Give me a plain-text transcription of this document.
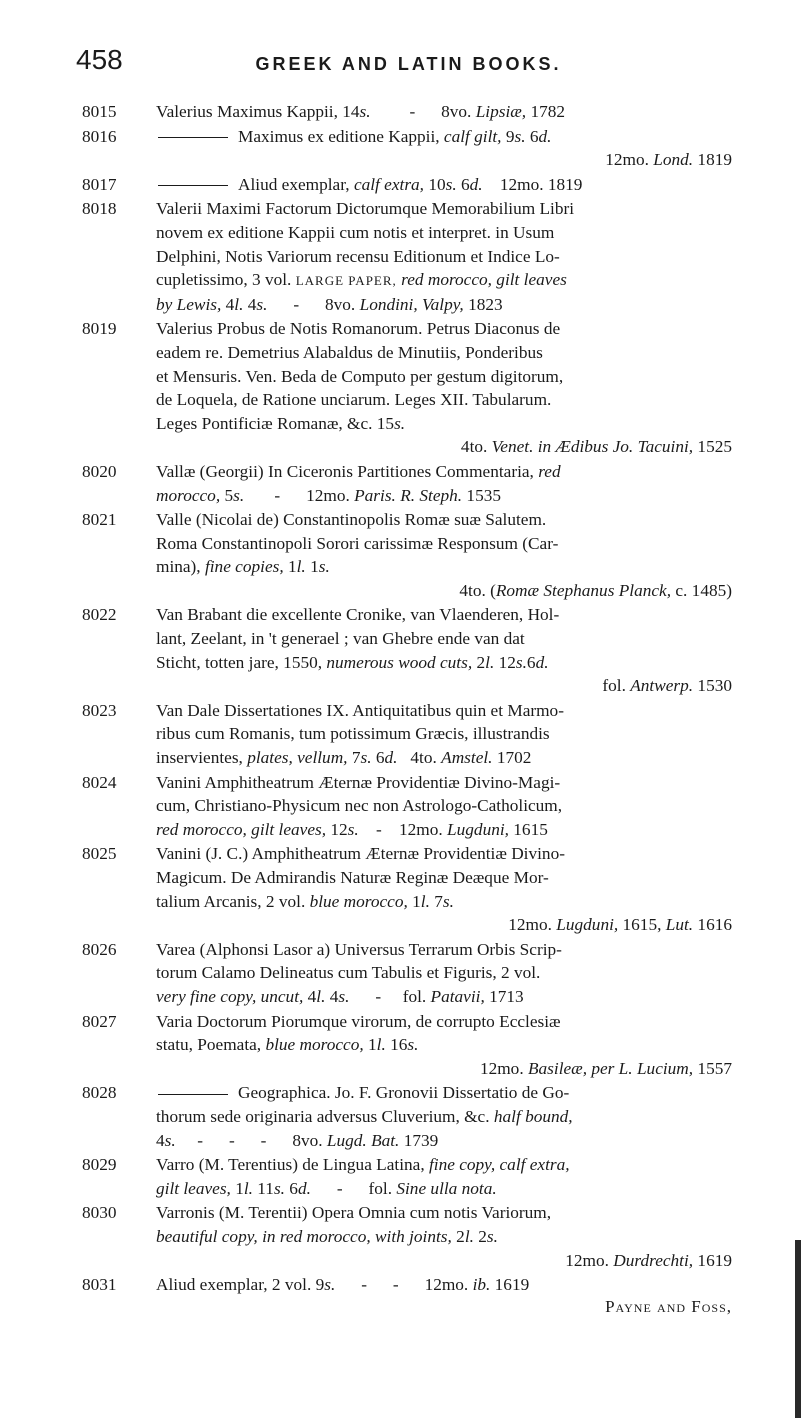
458	GREEK AND LATIN BOOKS.
8015	Valerius Maximus Kappii, 14s.         -      8vo. Lipsiæ, 1782
8016	Maximus ex editione Kappii, calf gilt, 9s. 6d.
12mo. Lond. 1819
8017	Aliud exemplar, calf extra, 10s. 6d.    12mo. 1819
8018	Valerii Maximi Factorum Dictorumque Memorabilium Libri
novem ex editione Kappii cum notis et interpret. in Usum
Delphini, Notis Variorum recensu Editionum et Indice Lo-
cupletissimo, 3 vol. LARGE PAPER, red morocco, gilt leaves
by Lewis, 4l. 4s.      -      8vo. Londini, Valpy, 1823
8019	Valerius Probus de Notis Romanorum. Petrus Diaconus de
eadem re. Demetrius Alabaldus de Minutiis, Ponderibus
et Mensuris. Ven. Beda de Computo per gestum digitorum,
de Loquela, de Ratione unciarum. Leges XII. Tabularum.
Leges Pontificiæ Romanæ, &c. 15s.
4to. Venet. in Ædibus Jo. Tacuini, 1525
8020	Vallæ (Georgii) In Ciceronis Partitiones Commentaria, red
morocco, 5s.       -      12mo. Paris. R. Steph. 1535
8021	Valle (Nicolai de) Constantinopolis Romæ suæ Salutem.
Roma Constantinopoli Sorori carissimæ Responsum (Car-
mina), fine copies, 1l. 1s.
4to. (Romæ Stephanus Planck, c. 1485)
8022	Van Brabant die excellente Cronike, van Vlaenderen, Hol-
lant, Zeelant, in 't generael ; van Ghebre ende van dat
Sticht, totten jare, 1550, numerous wood cuts, 2l. 12s.6d.
fol. Antwerp. 1530
8023	Van Dale Dissertationes IX. Antiquitatibus quin et Marmo-
ribus cum Romanis, tum potissimum Græcis, illustrandis
inservientes, plates, vellum, 7s. 6d.   4to. Amstel. 1702
8024	Vanini Amphitheatrum Æternæ Providentiæ Divino-Magi-
cum, Christiano-Physicum nec non Astrologo-Catholicum,
red morocco, gilt leaves, 12s.    -    12mo. Lugduni, 1615
8025	Vanini (J. C.) Amphitheatrum Æternæ Providentiæ Divino-
Magicum. De Admirandis Naturæ Reginæ Deæque Mor-
talium Arcanis, 2 vol. blue morocco, 1l. 7s.
12mo. Lugduni, 1615, Lut. 1616
8026	Varea (Alphonsi Lasor a) Universus Terrarum Orbis Scrip-
torum Calamo Delineatus cum Tabulis et Figuris, 2 vol.
very fine copy, uncut, 4l. 4s.      -     fol. Patavii, 1713
8027	Varia Doctorum Piorumque virorum, de corrupto Ecclesiæ
statu, Poemata, blue morocco, 1l. 16s.
12mo. Basileæ, per L. Lucium, 1557
8028	Geographica. Jo. F. Gronovii Dissertatio de Go-
thorum sede originaria adversus Cluverium, &c. half bound,
4s.     -      -      -      8vo. Lugd. Bat. 1739
8029	Varro (M. Terentius) de Lingua Latina, fine copy, calf extra,
gilt leaves, 1l. 11s. 6d.      -      fol. Sine ulla nota.
8030	Varronis (M. Terentii) Opera Omnia cum notis Variorum,
beautiful copy, in red morocco, with joints, 2l. 2s.
12mo. Durdrechti, 1619
8031	Aliud exemplar, 2 vol. 9s.      -      -      12mo. ib. 1619
Payne and Foss,
